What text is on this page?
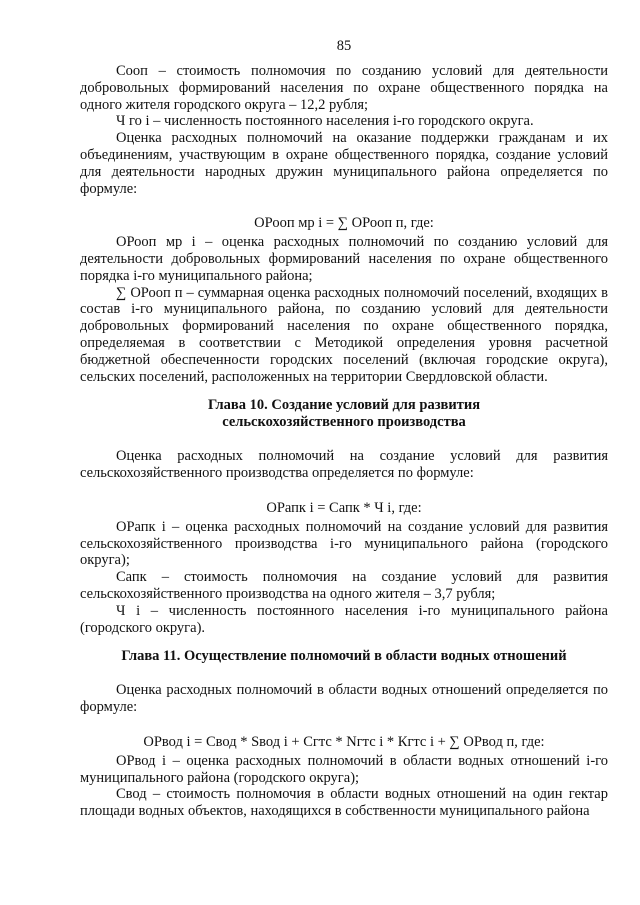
85

Сооп – стоимость полномочия по созданию условий для деятельности добровольных формирований населения по охране общественного порядка на одного жителя городского округа – 12,2 рубля;

Ч го i – численность постоянного населения i-го городского округа.

Оценка расходных полномочий на оказание поддержки гражданам и их объединениям, участвующим в охране общественного порядка, создание условий для деятельности народных дружин муниципального района определяется по формуле:

ОРооп мр i = ∑ ОРооп п, где:

ОРооп мр i – оценка расходных полномочий по созданию условий для деятельности добровольных формирований населения по охране общественного порядка i-го муниципального района;

∑ ОРооп п – суммарная оценка расходных полномочий поселений, входящих в состав i-го муниципального района, по созданию условий для деятельности добровольных формирований населения по охране общественного порядка, определяемая в соответствии с Методикой определения уровня расчетной бюджетной обеспеченности городских поселений (включая городские округа), сельских поселений, расположенных на территории Свердловской области.

Глава 10. Создание условий для развития
сельскохозяйственного производства

Оценка расходных полномочий на создание условий для развития сельскохозяйственного производства определяется по формуле:

ОРапк i = Сапк * Ч i, где:

ОРапк i – оценка расходных полномочий на создание условий для развития сельскохозяйственного производства i-го муниципального района (городского округа);

Сапк – стоимость полномочия на создание условий для развития сельскохозяйственного производства на одного жителя – 3,7 рубля;

Ч i – численность постоянного населения i-го муниципального района (городского округа).

Глава 11. Осуществление полномочий в области водных отношений

Оценка расходных полномочий в области водных отношений определяется по формуле:

ОРвод i = Свод * Sвод i + Сгтс * Nгтс i * Кгтс i + ∑ ОРвод п, где:

ОРвод i – оценка расходных полномочий в области водных отношений i-го муниципального района (городского округа);

Свод – стоимость полномочия в области водных отношений на один гектар площади водных объектов, находящихся в собственности муниципального района
